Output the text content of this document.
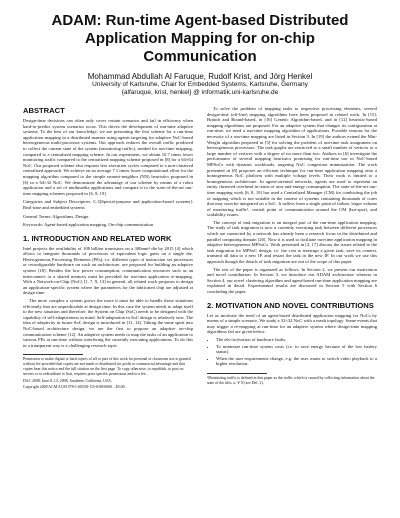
ADAM: Run-time Agent-based Distributed Application Mapping for on-chip Communication
Mohammad Abdullah Al Faruque, Rudolf Krist, and Jörg Henkel
University of Karlsruhe, Chair for Embedded Systems, Karlsruhe, Germany
{alfaruque, krist, henkel} @ informatik.uni-karlsruhe.de
ABSTRACT

Design-time decisions can often only cover certain scenarios and fail in efficiency when hard-to-predict system scenarios occur. This drives the development of run-time adaptive systems. To the best of our knowledge, we are presenting the first scheme for a run-time application mapping in a distributed manner using agents targeting for adaptive NoC-based heterogeneous multi-processor systems. Our approach reduces the overall traffic produced to collect the current state of the system (monitoring traffic), needed for run-time mapping, compared to a centralized mapping scheme. In our experiment, we obtain 10.7 times lower monitoring traffic compared to the centralized mapping scheme proposed in [8] for a 64×64 NoC. Our proposed scheme also requires less execution cycles compared to a non-clustered centralized approach. We achieve on an average 7.1 times lower computational effort for the mapping algorithm compared to the simple nearest-neighbor (NN) heuristics proposed in [6] in a 64×32 NoC. We demonstrate the advantage of our scheme by means of a robot application and a set of multimedia applications and compare it to the state-of-the-art run-time mapping schemes proposed in [6, 8, 19].

Categories and Subject Descriptors: C.3[Special-purpose and application-based systems]: Real-time and embedded systems

General Terms: Algorithms, Design

Keywords: Agent-based application mapping, On-chip communication

1. INTRODUCTION AND RELATED WORK

Intel projects the availability of 100 billion transistors on a 300mm² die by 2015 [4] which allows to integrate thousands of processors of equivalent logic gates on a single die. Heterogeneous Processing Elements (PEs), i.e. different types of instruction set processors or reconfigurable hardware on such an architecture, are proposed for building an adaptive system [18]. Besides the low power consumption, communication resources such as an interconnect or a shared memory must be provided for run-time application re-mapping. With a Network-on-Chip (NoC) [1, 7, 9, 13] in general, all related work proposes to design an application-specific system where the parameters for the fabricated chip are adjusted at design time.

The more complex a system grows the more it must be able to handle those situations efficiently that are unpredictable at design time. In this case the system needs to adapt itself to the new situation and therefore, the System on Chip (SoC) needs to be designed with the capability of self-adaptiveness in mind. Self-adaptation in SoC design is relatively new. The idea of adaptivity in future SoC design is introduced in [11, 14]. Taking the same spirit into NoC-based architecture design, we are the first to propose an adaptive on-chip communication scheme [12]. An adaptive system needs to map the tasks of an application to various PEs at run-time without interfering the currently executing applications. To do this in a transparent way is a challenging research topic.

Permission to make digital or hard copies of all or part of this work for personal or classroom use is granted without fee provided that copies are not made or distributed for profit or commercial advantage and that copies bear this notice and the full citation on the first page. To copy otherwise, to republish, to post on servers or to redistribute to lists, requires prior specific permission and/or a fee.

DAC 2008, June 8–13, 2008, Anaheim, California, USA.

Copyright 2008 ACM ACM 978-1-60558-115-6/08/0006 ...$5.00.

To solve the problem of mapping tasks to respective processing elements, several design-time (off-line) mapping algorithms have been proposed in related work. In [15], Branch and Bound-based, in [16] Genetic Algorithm-based, and in [12] heuristic-based mapping algorithms are proposed. For an adaptive system that changes its configuration at run-time, we need a run-time mapping algorithm of applications. Possible reasons for the necessity of a run-time mapping are listed in Section 3. In [19] the authors extend the Min-Weight algorithm proposed in [5] for solving the problem of run-time task assignment on heterogeneous processors. The task graphs are restricted to a small number of vertices or a large number of vertices with a degree of no more than two. Authors in [6] investigate the performance of several mapping heuristics promising for run-time use in NoC-based MPSoCs with dynamic workloads, targeting NoC congestion minimization. The work presented in [8] proposes an efficient technique for run-time application mapping onto a homogeneous NoC platform with multiple voltage levels. Their work is limited to a homogeneous architecture. In agent-oriented networks, agents are used to represent an entity clustered overhead in terms of area and energy consumption. The state-of-the-art run-time mapping work [6, 8, 19] has used a Centralized Manager (CM) for conducting the job of mapping which is not suitable in the context of systems containing thousands of cores that may soon be integrated on a SoC. It suffers from a single point of failure, larger volume of monitoring traffic¹, central point of communication around the CM (hot-spot), and scalability issues.

The concept of task migration is an integral part of the run-time application mapping. The study of task migration is now a currently executing task between different processors which are connected by a network has already been a research focus in the distributed and parallel computing domain [20]. Now it is used to facilitate run-time application mapping in adaptive heterogeneous MPSoCs. Work presented in [2, 17] discuss the issues related to the task migration for MPSoC design, i.e. the cost to interrupt a given task, save its context, transmit all data to a new IP, and restart the task in the new IP. In our work we use this approach though the details of task migration are out of the scope of this paper.

The rest of the paper is organized as follows: In Section 2, we present our motivation and novel contribution. In Section 3, we introduce our ADAM architecture whereas in Section 4, our novel clustering algorithm and agent-based run-time application mapping are explained in detail. Experimental results are discussed in Section 5 with Section 6 concluding the paper.

2. MOTIVATION AND NOVEL CONTRIBUTIONS

Let us motivate the need of an agent-based distributed application mapping for NoCs by means of a simple scenario. We study a 32×32 NoC with a mesh topology. Some events that may trigger a re-mapping at run-time for an adaptive system where design-time mapping algorithms fail are given below:

• The dis-/activation of hardware faults.
• To minimize run-time system costs (i.e. to save energy because of the low battery status).
• When the user requirements change, e.g. the user wants to switch video playback to a higher resolution.

¹Monitoring traffic is defined in this paper as the traffic which is caused by collecting information about the state of the tiles, κ, ∀ N (see Def. 2).
